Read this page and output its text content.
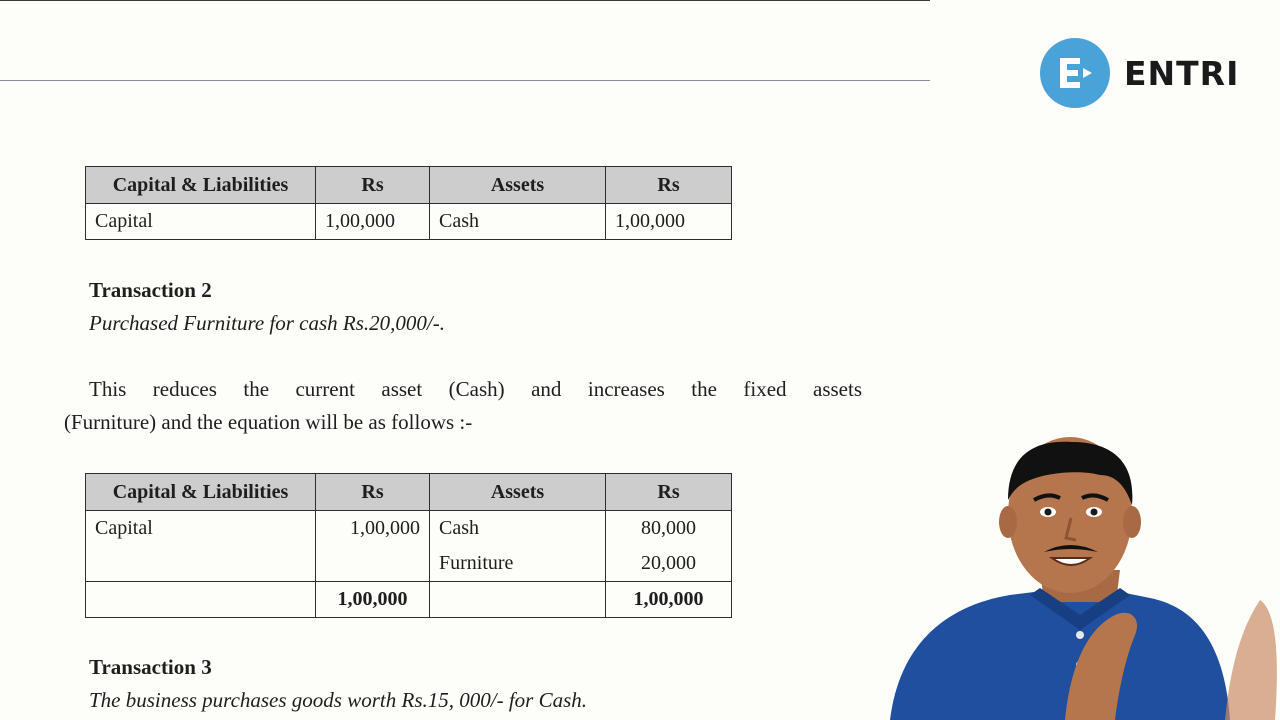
ENTRI
Capital & Liabilities	Rs	Assets	Rs
Capital	1,00,000	Cash	1,00,000
Transaction 2
Purchased Furniture for cash Rs.20,000/-.
This reduces the current asset (Cash) and increases the fixed assets
(Furniture) and the equation will be as follows :-
Capital & Liabilities	Rs	Assets	Rs
Capital	1,00,000	Cash	80,000
		Furniture	20,000
	1,00,000		1,00,000
Transaction 3
The business purchases goods worth Rs.15, 000/- for Cash.
